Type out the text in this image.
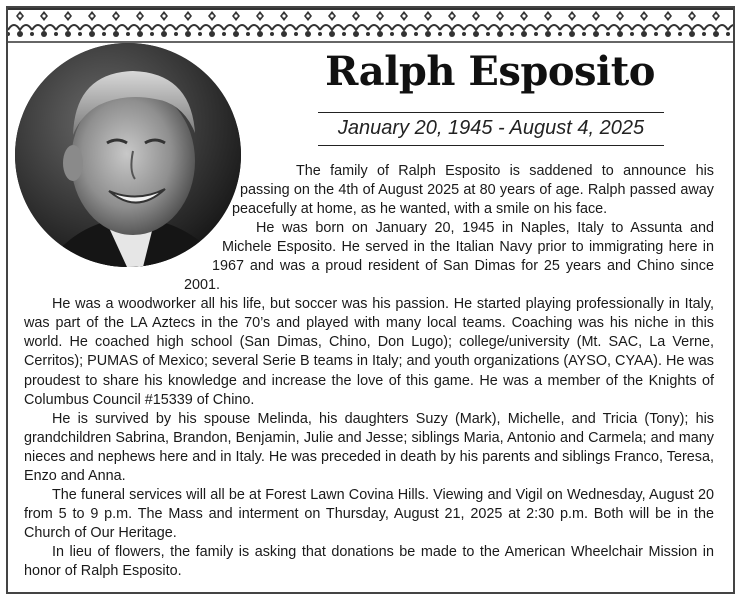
Ralph Esposito
January 20, 1945 - August 4, 2025

The family of Ralph Esposito is saddened to announce his passing on the 4th of August 2025 at 80 years of age. Ralph passed away peacefully at home, as he wanted, with a smile on his face.

He was born on January 20, 1945 in Naples, Italy to Assunta and Michele Esposito. He served in the Italian Navy prior to immigrating here in 1967 and was a proud resident of San Dimas for 25 years and Chino since 2001.

He was a woodworker all his life, but soccer was his passion. He started playing professionally in Italy, was part of the LA Aztecs in the 70’s and played with many local teams. Coaching was his niche in this world. He coached high school (San Dimas, Chino, Don Lugo); college/university (Mt. SAC, La Verne, Cerritos); PUMAS of Mexico; several Serie B teams in Italy; and youth organizations (AYSO, CYAA). He was proudest to share his knowledge and increase the love of this game. He was a member of the Knights of Columbus Council #15339 of Chino.

He is survived by his spouse Melinda, his daughters Suzy (Mark), Michelle, and Tricia (Tony); his grandchildren Sabrina, Brandon, Benjamin, Julie and Jesse; siblings Maria, Antonio and Carmela; and many nieces and nephews here and in Italy. He was preceded in death by his parents and siblings Franco, Teresa, Enzo and Anna.

The funeral services will all be at Forest Lawn Covina Hills. Viewing and Vigil on Wednesday, August 20 from 5 to 9 p.m. The Mass and interment on Thursday, August 21, 2025 at 2:30 p.m. Both will be in the Church of Our Heritage.

In lieu of flowers, the family is asking that donations be made to the American Wheelchair Mission in honor of Ralph Esposito.
